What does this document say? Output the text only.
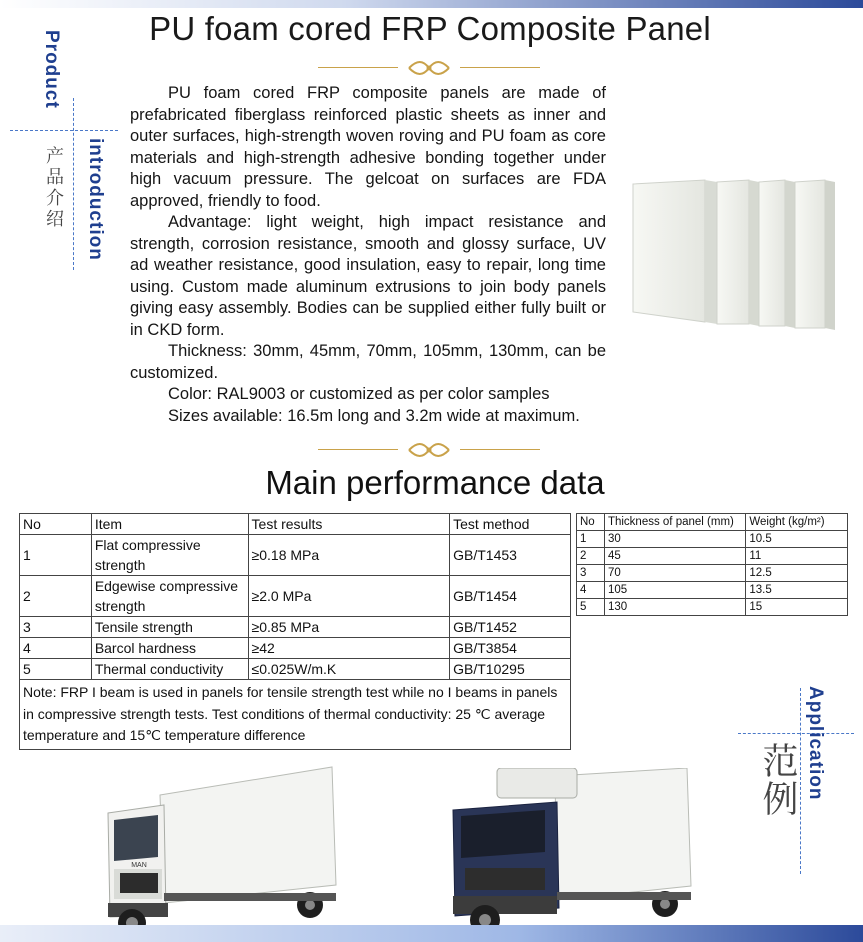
Product
产品介绍 introduction
PU foam cored FRP Composite Panel

PU foam cored FRP composite panels are made of prefabricated fiberglass reinforced plastic sheets as inner and outer surfaces, high-strength woven roving and PU foam as core materials and high-strength adhesive bonding together under high vacuum pressure. The gelcoat on surfaces are FDA approved, friendly to food.

Advantage: light weight, high impact resistance and strength, corrosion resistance, smooth and glossy surface, UV ad weather resistance, good insulation, easy to repair, long time using. Custom made aluminum extrusions to join body panels giving easy assembly. Bodies can be supplied either fully built or in CKD form.

Thickness: 30mm, 45mm, 70mm, 105mm, 130mm, can be customized.

Color: RAL9003 or customized as per color samples

Sizes available: 16.5m long and 3.2m wide at maximum.

Main performance data
No	Item	Test results	Test method
1	Flat compressive strength	≥0.18 MPa	GB/T1453
2	Edgewise compressive strength	≥2.0 MPa	GB/T1454
3	Tensile strength	≥0.85 MPa	GB/T1452
4	Barcol hardness	≥42	GB/T3854
5	Thermal conductivity	≤0.025W/m.K	GB/T10295
Note: FRP I beam is used in panels for tensile strength test while no I beams in panels in compressive strength tests. Test conditions of thermal conductivity: 25 ℃ average temperature and 15℃ temperature difference			
No	Thickness of panel (mm)	Weight (kg/m²)
1	30	10.5
2	45	11
3	70	12.5
4	105	13.5
5	130	15
Application
范例
MAN
